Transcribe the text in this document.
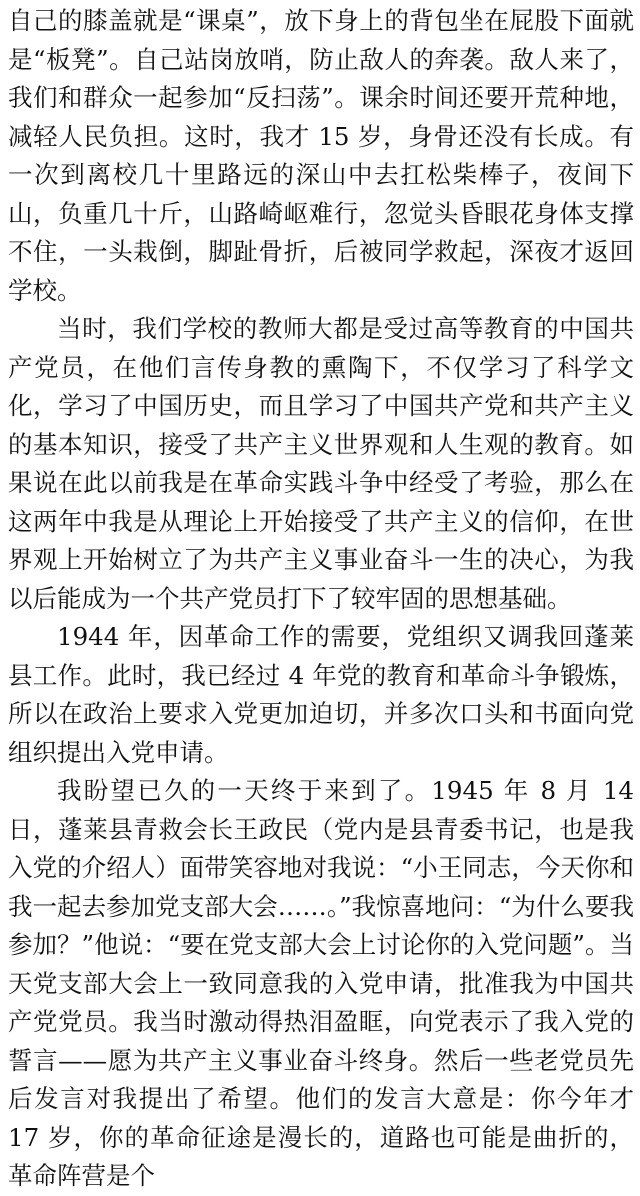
自己的膝盖就是“课桌”，放下身上的背包坐在屁股下面就是“板凳”。自己站岗放哨，防止敌人的奔袭。敌人来了，我们和群众一起参加“反扫荡”。课余时间还要开荒种地，减轻人民负担。这时，我才 15 岁，身骨还没有长成。有一次到离校几十里路远的深山中去扛松柴棒子，夜间下山，负重几十斤，山路崎岖难行，忽觉头昏眼花身体支撑不住，一头栽倒，脚趾骨折，后被同学救起，深夜才返回学校。

当时，我们学校的教师大都是受过高等教育的中国共产党员，在他们言传身教的熏陶下，不仅学习了科学文化，学习了中国历史，而且学习了中国共产党和共产主义的基本知识，接受了共产主义世界观和人生观的教育。如果说在此以前我是在革命实践斗争中经受了考验，那么在这两年中我是从理论上开始接受了共产主义的信仰，在世界观上开始树立了为共产主义事业奋斗一生的决心，为我以后能成为一个共产党员打下了较牢固的思想基础。

1944 年，因革命工作的需要，党组织又调我回蓬莱县工作。此时，我已经过 4 年党的教育和革命斗争锻炼，所以在政治上要求入党更加迫切，并多次口头和书面向党组织提出入党申请。

我盼望已久的一天终于来到了。1945 年 8 月 14 日，蓬莱县青救会长王政民（党内是县青委书记，也是我入党的介绍人）面带笑容地对我说：“小王同志，今天你和我一起去参加党支部大会……。”我惊喜地问：“为什么要我参加？”他说：“要在党支部大会上讨论你的入党问题”。当天党支部大会上一致同意我的入党申请，批准我为中国共产党党员。我当时激动得热泪盈眶，向党表示了我入党的誓言——愿为共产主义事业奋斗终身。然后一些老党员先后发言对我提出了希望。他们的发言大意是：你今年才 17 岁，你的革命征途是漫长的，道路也可能是曲折的，革命阵营是个
